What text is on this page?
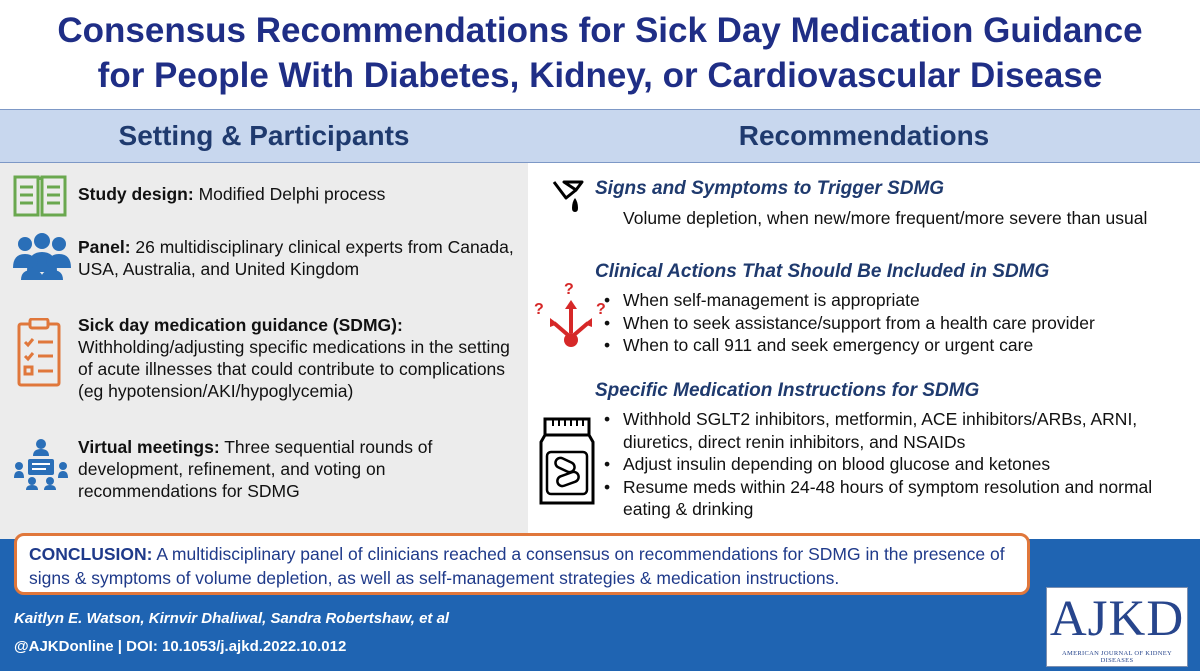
Consensus Recommendations for Sick Day Medication Guidance
for People With Diabetes, Kidney, or Cardiovascular Disease
Setting & Participants	Recommendations
Study design: Modified Delphi process
Panel: 26 multidisciplinary clinical experts from Canada, USA, Australia, and United Kingdom
Sick day medication guidance (SDMG): Withholding/adjusting specific medications in the setting of acute illnesses that could contribute to complications (eg hypotension/AKI/hypoglycemia)
Virtual meetings: Three sequential rounds of development, refinement, and voting on recommendations for SDMG
Signs and Symptoms to Trigger SDMG
Volume depletion, when new/more frequent/more severe than usual
?
?	?
Clinical Actions That Should Be Included in SDMG
• When self-management is appropriate
• When to seek assistance/support from a health care provider
• When to call 911 and seek emergency or urgent care
Specific Medication Instructions for SDMG
• Withhold SGLT2 inhibitors, metformin, ACE inhibitors/ARBs, ARNI, diuretics, direct renin inhibitors, and NSAIDs
• Adjust insulin depending on blood glucose and ketones
• Resume meds within 24-48 hours of symptom resolution and normal eating & drinking
CONCLUSION: A multidisciplinary panel of clinicians reached a consensus on recommendations for SDMG in the presence of signs & symptoms of volume depletion, as well as self-management strategies & medication instructions.
Kaitlyn E. Watson, Kirnvir Dhaliwal, Sandra Robertshaw, et al
@AJKDonline | DOI: 10.1053/j.ajkd.2022.10.012	AJKD
AMERICAN JOURNAL OF KIDNEY DISEASES
